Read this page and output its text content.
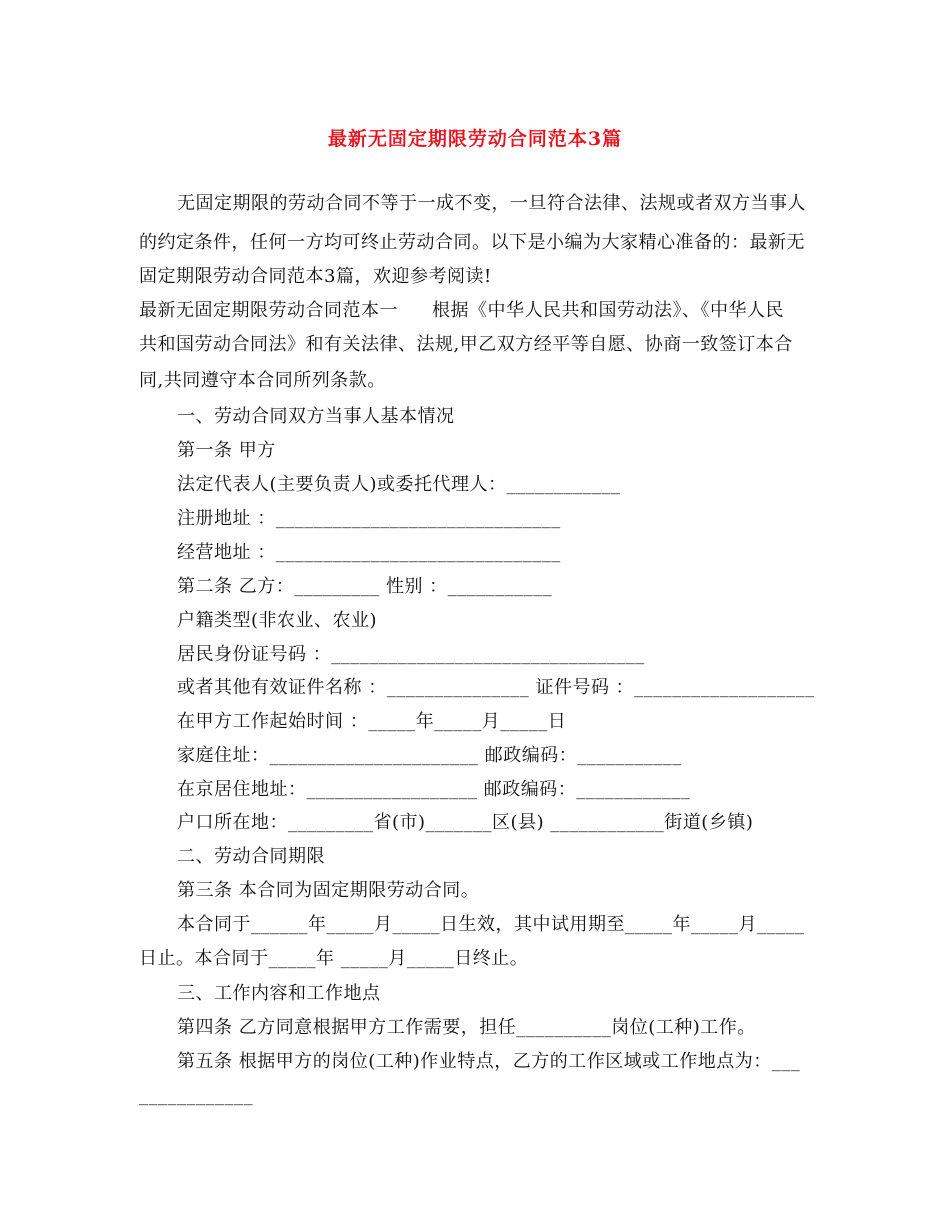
最新无固定期限劳动合同范本3篇
无固定期限的劳动合同不等于一成不变，一旦符合法律、法规或者双方当事人
的约定条件，任何一方均可终止劳动合同。以下是小编为大家精心准备的：最新无
固定期限劳动合同范本3篇，欢迎参考阅读!
最新无固定期限劳动合同范本一 根据《中华人民共和国劳动法》、《中华人民
共和国劳动合同法》和有关法律、法规,甲乙双方经平等自愿、协商一致签订本合
同,共同遵守本合同所列条款。
一、劳动合同双方当事人基本情况
第一条 甲方
法定代表人(主要负责人)或委托代理人：____________
注册地址 ：______________________________
经营地址 ：______________________________
第二条 乙方：_________ 性别 ：___________
户籍类型(非农业、农业)
居民身份证号码 ：_________________________________
或者其他有效证件名称 ：_______________ 证件号码 ：___________________
在甲方工作起始时间 ：_____年_____月_____日
家庭住址：______________________ 邮政编码：___________
在京居住地址：__________________ 邮政编码：____________
户口所在地：_________省(市)_______区(县) ____________街道(乡镇)
二、劳动合同期限
第三条 本合同为固定期限劳动合同。
本合同于______年_____月_____日生效，其中试用期至_____年_____月_____
日止。本合同于_____年 _____月_____日终止。
三、工作内容和工作地点
第四条 乙方同意根据甲方工作需要，担任__________岗位(工种)工作。
第五条 根据甲方的岗位(工种)作业特点，乙方的工作区域或工作地点为：___
____________
